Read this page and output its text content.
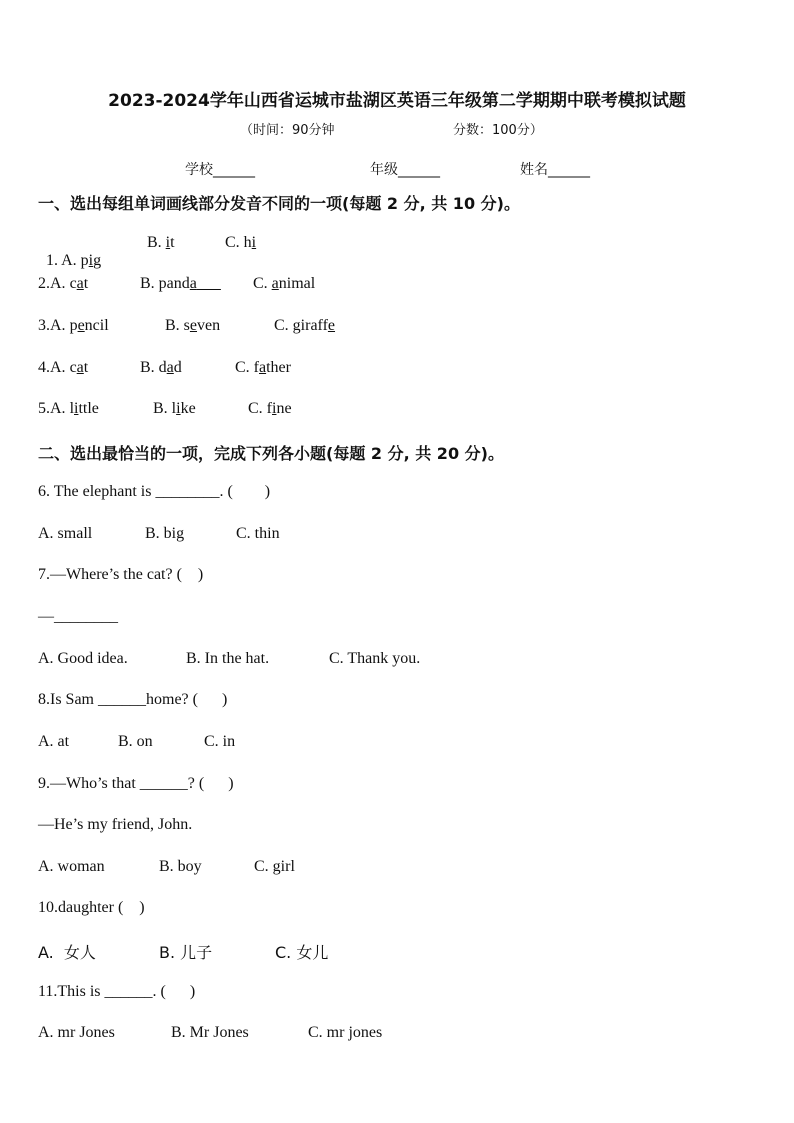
2023-2024学年山西省运城市盐湖区英语三年级第二学期期中联考模拟试题
（时间：90分钟	分数：100分）
学校______	年级______	姓名______
一、选出每组单词画线部分发音不同的一项(每题 2 分, 共 10 分)。

1. A. pig

B. it	C. hi
2.A. cat	B. panda	C. animal
3.A. pencil	B. seven	C. giraffe
4.A. cat	B. dad	C. father
5.A. little	B. like	C. fine
二、选出最恰当的一项，完成下列各小题(每题 2 分, 共 20 分)。
6. The elephant is ________. (        )
A. small	B. big	C. thin
7.—Where’s the cat? (    )
—________
A. Good idea.	B. In the hat.	C. Thank you.
8.Is Sam ______home? (      )
A. at	B. on	C. in
9.—Who’s that ______? (      )
—He’s my friend, John.
A. woman	B. boy	C. girl
10.daughter (    )
A.  女人	B. 儿子	C. 女儿
11.This is ______. (      )
A. mr Jones	B. Mr Jones	C. mr jones
